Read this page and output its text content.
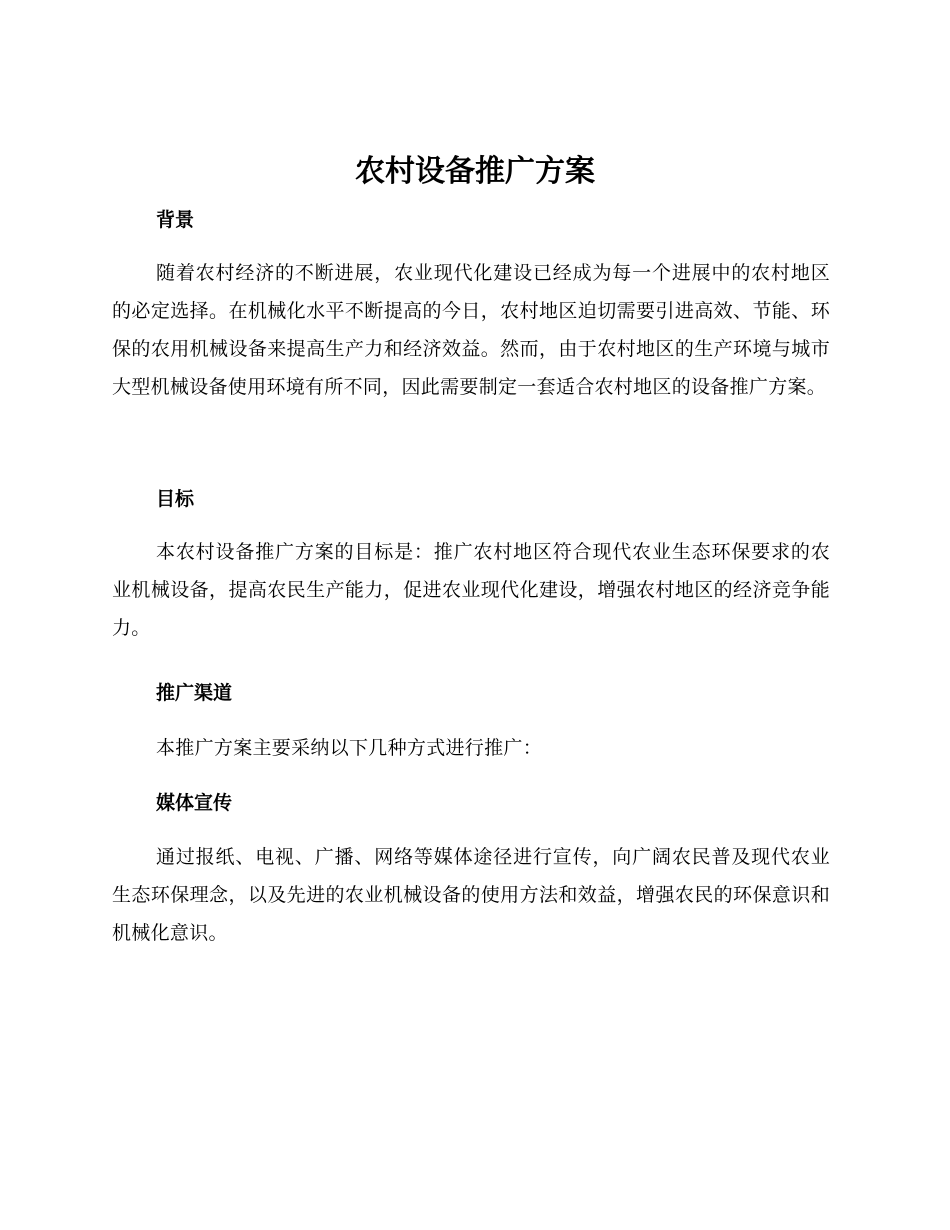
农村设备推广方案
背景

随着农村经济的不断进展，农业现代化建设已经成为每一个进展中的农村地区的必定选择。在机械化水平不断提高的今日，农村地区迫切需要引进高效、节能、环保的农用机械设备来提高生产力和经济效益。然而，由于农村地区的生产环境与城市大型机械设备使用环境有所不同，因此需要制定一套适合农村地区的设备推广方案。

目标

本农村设备推广方案的目标是：推广农村地区符合现代农业生态环保要求的农业机械设备，提高农民生产能力，促进农业现代化建设，增强农村地区的经济竞争能力。

推广渠道

本推广方案主要采纳以下几种方式进行推广：

媒体宣传

通过报纸、电视、广播、网络等媒体途径进行宣传，向广阔农民普及现代农业生态环保理念，以及先进的农业机械设备的使用方法和效益，增强农民的环保意识和机械化意识。
